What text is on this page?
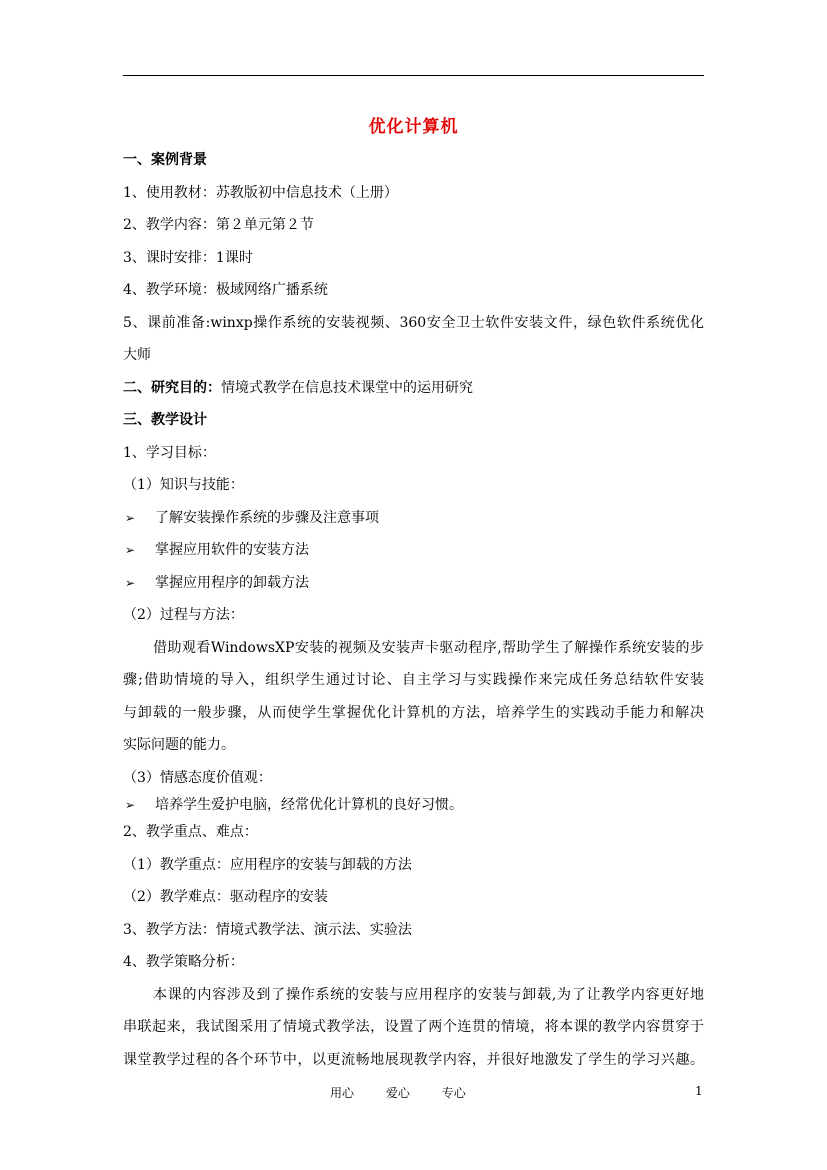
优化计算机
一、案例背景
1、使用教材：苏教版初中信息技术（上册）
2、教学内容：第２单元第２节
3、课时安排：1课时
4、教学环境：极域网络广播系统
5、课前准备:winxp操作系统的安装视频、360安全卫士软件安装文件，绿色软件系统优化
大师
二、研究目的：情境式教学在信息技术课堂中的运用研究
三、教学设计
1、学习目标：
（1）知识与技能：
➢ 了解安装操作系统的步骤及注意事项
➢ 掌握应用软件的安装方法
➢ 掌握应用程序的卸载方法
（2）过程与方法：
借助观看WindowsXP安装的视频及安装声卡驱动程序,帮助学生了解操作系统安装的步
骤;借助情境的导入，组织学生通过讨论、自主学习与实践操作来完成任务总结软件安装
与卸载的一般步骤，从而使学生掌握优化计算机的方法，培养学生的实践动手能力和解决
实际问题的能力。
（3）情感态度价值观：
➢ 培养学生爱护电脑，经常优化计算机的良好习惯。
2、教学重点、难点：
（1）教学重点：应用程序的安装与卸载的方法
（2）教学难点：驱动程序的安装
3、教学方法：情境式教学法、演示法、实验法
4、教学策略分析：
本课的内容涉及到了操作系统的安装与应用程序的安装与卸载,为了让教学内容更好地
串联起来，我试图采用了情境式教学法，设置了两个连贯的情境，将本课的教学内容贯穿于
课堂教学过程的各个环节中，以更流畅地展现教学内容，并很好地激发了学生的学习兴趣。
用心	爱心	专心	1
